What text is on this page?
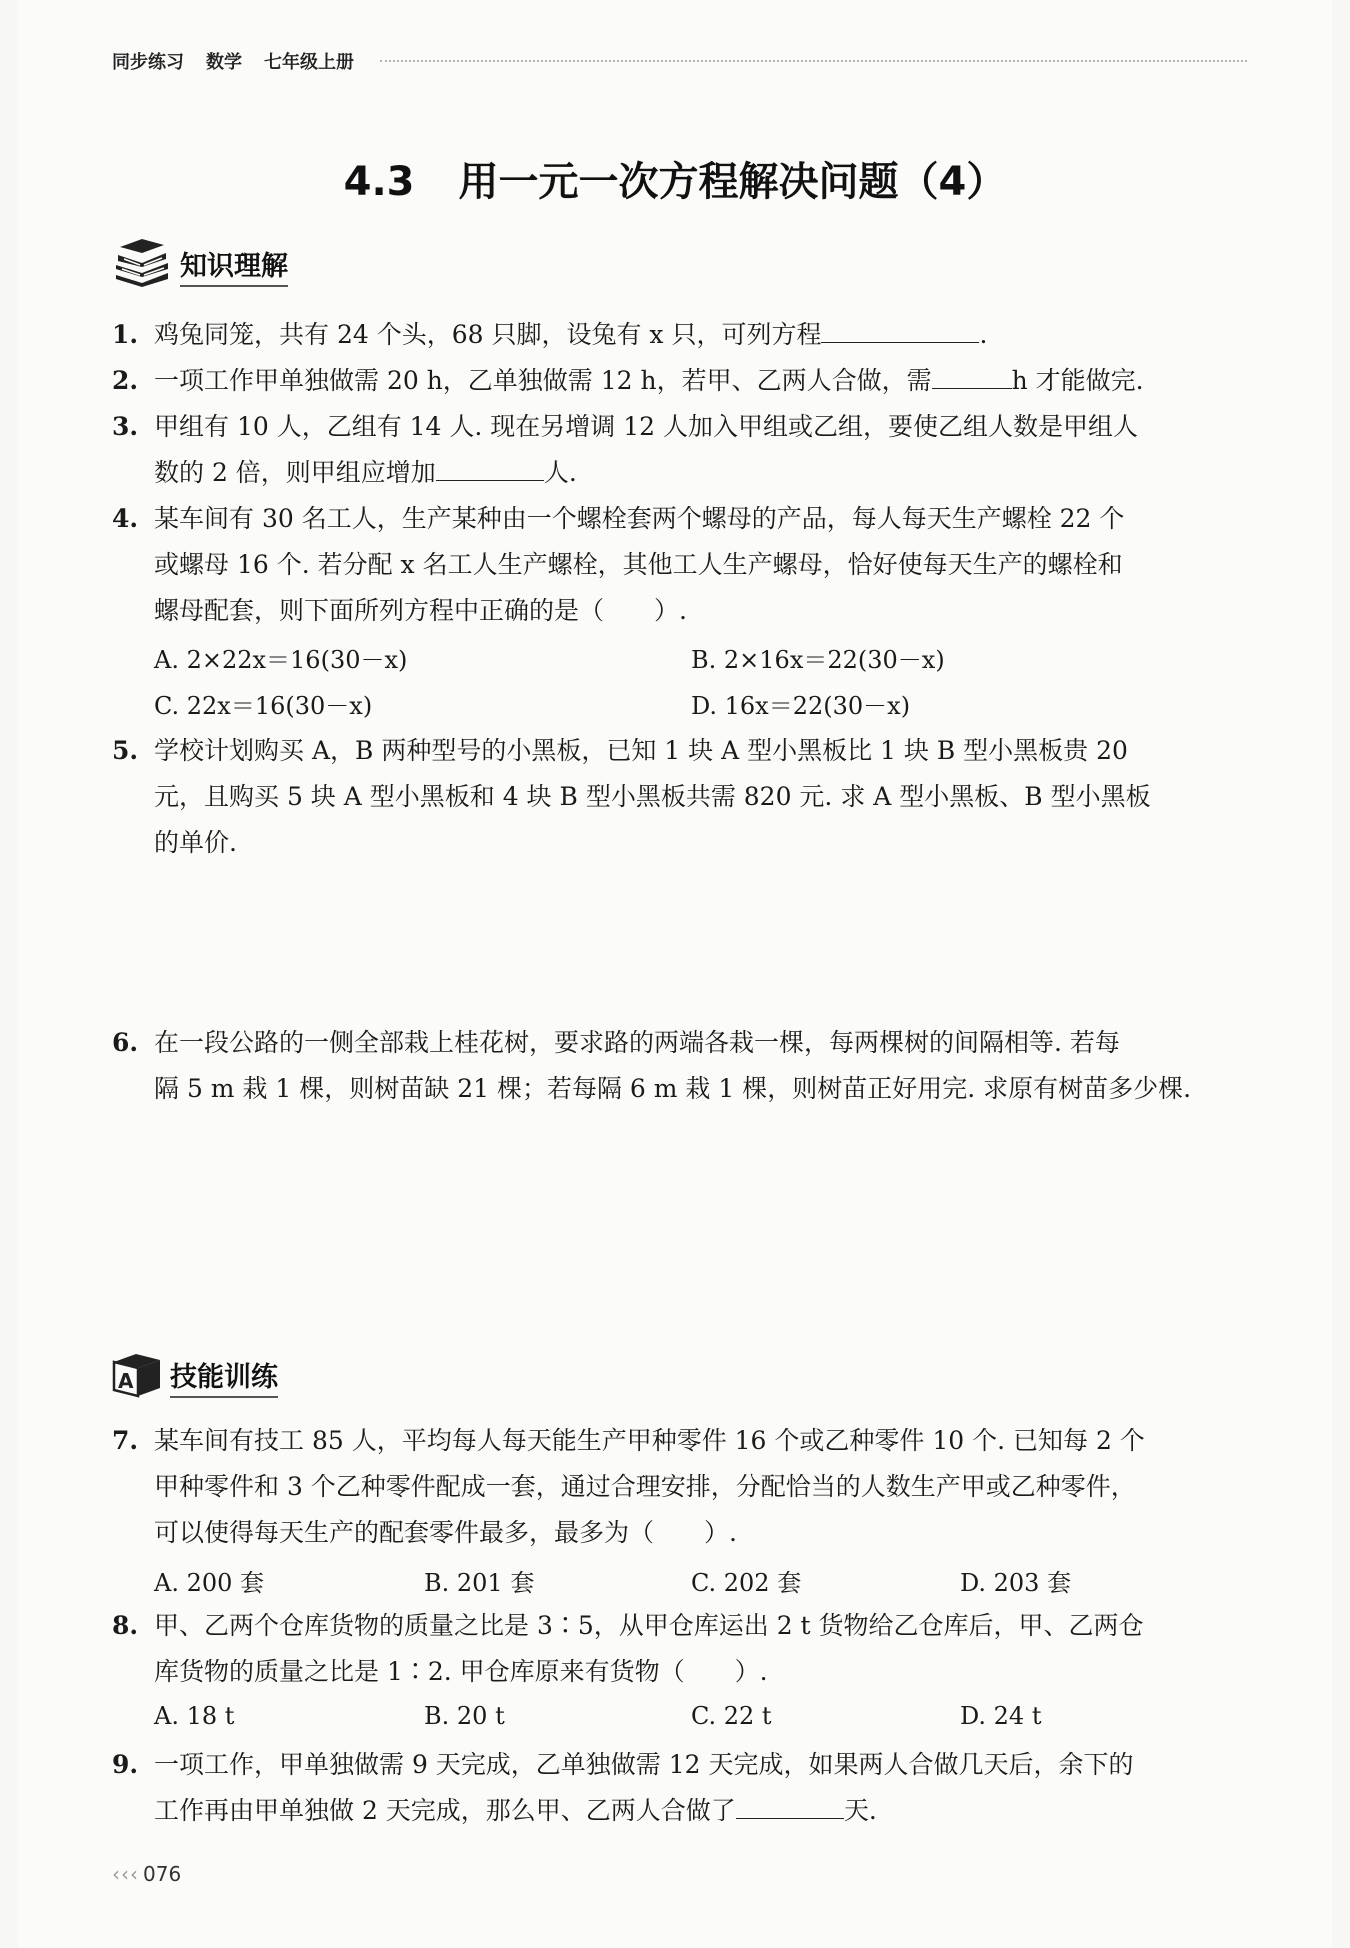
同步练习 数学 七年级上册
4.3 用一元一次方程解决问题（4）
知识理解
1. 鸡兔同笼，共有 24 个头，68 只脚，设兔有 x 只，可列方程	.
2. 一项工作甲单独做需 20 h，乙单独做需 12 h，若甲、乙两人合做，需	h 才能做完.
3. 甲组有 10 人，乙组有 14 人. 现在另增调 12 人加入甲组或乙组，要使乙组人数是甲组人
数的 2 倍，则甲组应增加	人.
4. 某车间有 30 名工人，生产某种由一个螺栓套两个螺母的产品，每人每天生产螺栓 22 个
或螺母 16 个. 若分配 x 名工人生产螺栓，其他工人生产螺母，恰好使每天生产的螺栓和
螺母配套，则下面所列方程中正确的是（　　）.
A. 2×22x＝16(30－x)	B. 2×16x＝22(30－x)
C. 22x＝16(30－x)	D. 16x＝22(30－x)
5. 学校计划购买 A，B 两种型号的小黑板，已知 1 块 A 型小黑板比 1 块 B 型小黑板贵 20
元，且购买 5 块 A 型小黑板和 4 块 B 型小黑板共需 820 元. 求 A 型小黑板、B 型小黑板
的单价.
6. 在一段公路的一侧全部栽上桂花树，要求路的两端各栽一棵，每两棵树的间隔相等. 若每
隔 5 m 栽 1 棵，则树苗缺 21 棵；若每隔 6 m 栽 1 棵，则树苗正好用完. 求原有树苗多少棵.
A 技能训练
7. 某车间有技工 85 人，平均每人每天能生产甲种零件 16 个或乙种零件 10 个. 已知每 2 个
甲种零件和 3 个乙种零件配成一套，通过合理安排，分配恰当的人数生产甲或乙种零件，
可以使得每天生产的配套零件最多，最多为（　　）.
A. 200 套	B. 201 套	C. 202 套	D. 203 套
8. 甲、乙两个仓库货物的质量之比是 3∶5，从甲仓库运出 2 t 货物给乙仓库后，甲、乙两仓
库货物的质量之比是 1∶2. 甲仓库原来有货物（　　）.
A. 18 t	B. 20 t	C. 22 t	D. 24 t
9. 一项工作，甲单独做需 9 天完成，乙单独做需 12 天完成，如果两人合做几天后，余下的
工作再由甲单独做 2 天完成，那么甲、乙两人合做了	天.
‹‹‹ 076
